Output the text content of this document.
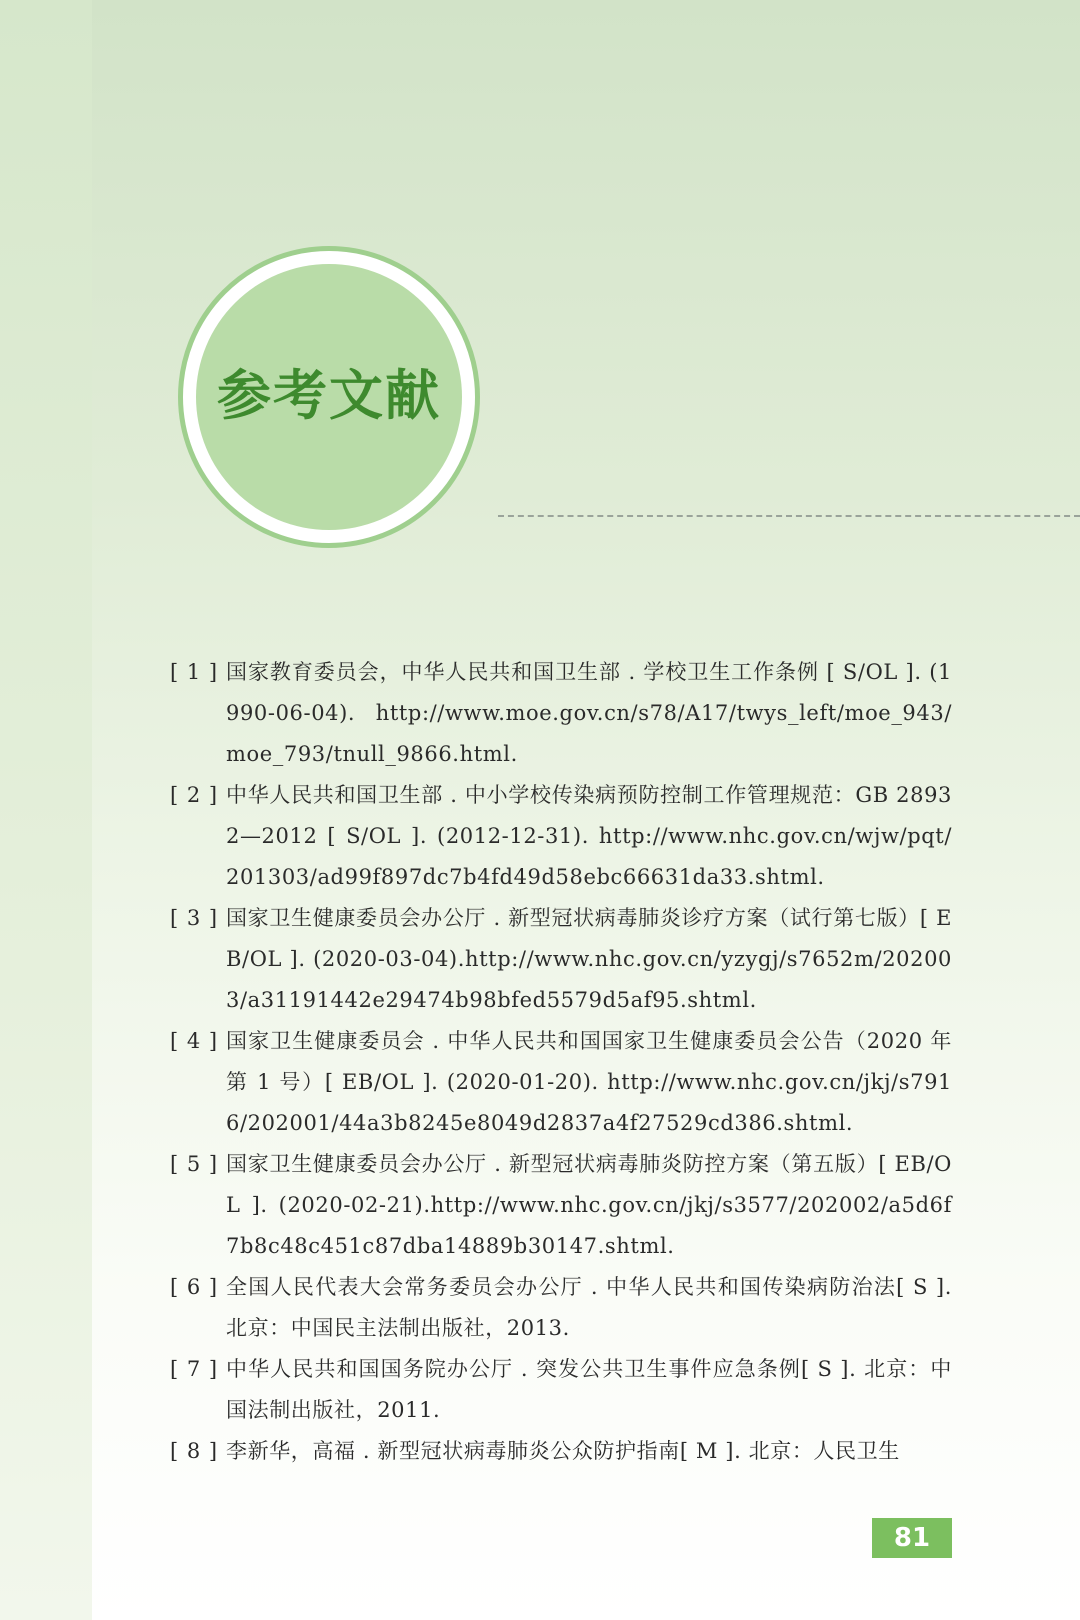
参考文献
[ 1 ] 国家教育委员会，中华人民共和国卫生部 . 学校卫生工作条例 [ S/OL ]. (1990-06-04). http://www.moe.gov.cn/s78/A17/twys_left/moe_943/moe_793/tnull_9866.html.
[ 2 ] 中华人民共和国卫生部 . 中小学校传染病预防控制工作管理规范：GB 28932—2012 [ S/OL ]. (2012-12-31). http://www.nhc.gov.cn/wjw/pqt/201303/ad99f897dc7b4fd49d58ebc66631da33.shtml.
[ 3 ] 国家卫生健康委员会办公厅 . 新型冠状病毒肺炎诊疗方案（试行第七版）[ EB/OL ]. (2020-03-04).http://www.nhc.gov.cn/yzygj/s7652m/202003/a31191442e29474b98bfed5579d5af95.shtml.
[ 4 ] 国家卫生健康委员会 . 中华人民共和国国家卫生健康委员会公告（2020 年 第 1 号）[ EB/OL ]. (2020-01-20). http://www.nhc.gov.cn/jkj/s7916/202001/44a3b8245e8049d2837a4f27529cd386.shtml.
[ 5 ] 国家卫生健康委员会办公厅 . 新型冠状病毒肺炎防控方案（第五版）[ EB/OL ]. (2020-02-21).http://www.nhc.gov.cn/jkj/s3577/202002/a5d6f7b8c48c451c87dba14889b30147.shtml.
[ 6 ] 全国人民代表大会常务委员会办公厅 . 中华人民共和国传染病防治法[ S ]. 北京：中国民主法制出版社，2013.
[ 7 ] 中华人民共和国国务院办公厅 . 突发公共卫生事件应急条例[ S ]. 北京：中国法制出版社，2011.
[ 8 ] 李新华，高福 . 新型冠状病毒肺炎公众防护指南[ M ]. 北京：人民卫生
81
